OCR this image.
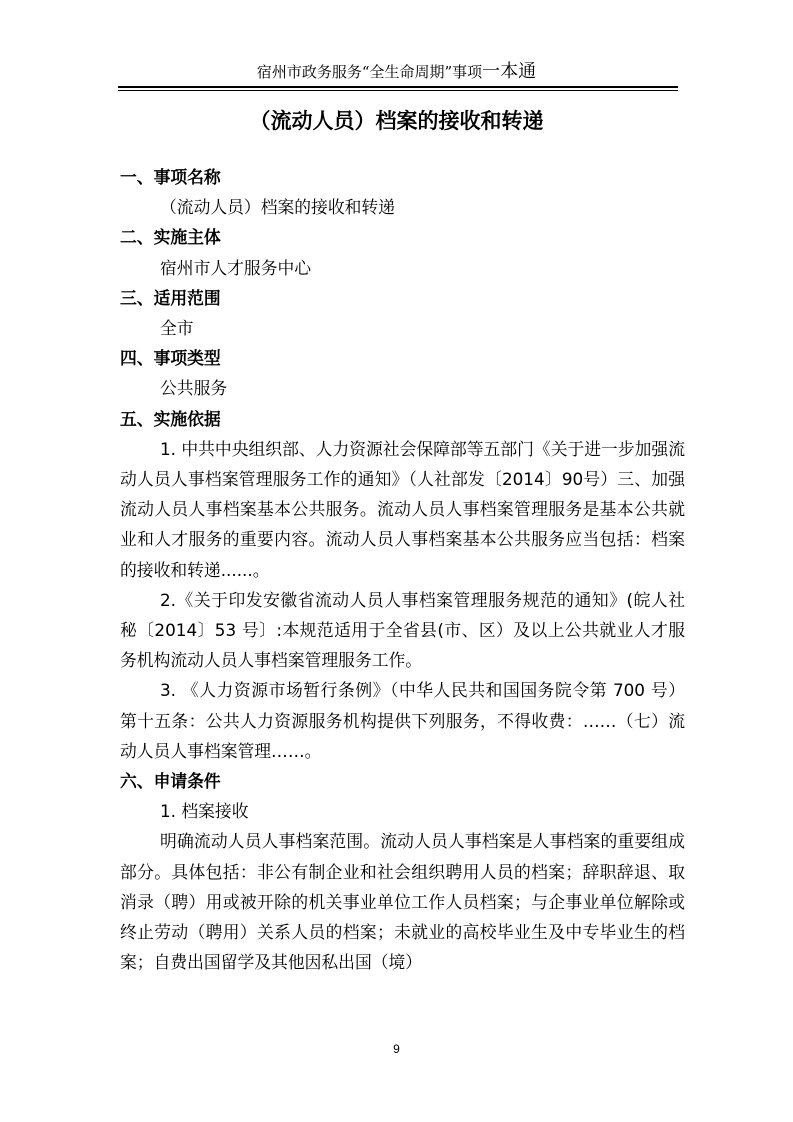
宿州市政务服务“全生命周期”事项一本通
（流动人员）档案的接收和转递

一、事项名称

（流动人员）档案的接收和转递

二、实施主体

宿州市人才服务中心

三、适用范围

全市

四、事项类型

公共服务

五、实施依据

1. 中共中央组织部、人力资源社会保障部等五部门《关于进一步加强流动人员人事档案管理服务工作的通知》（人社部发〔2014〕90号）三、加强流动人员人事档案基本公共服务。流动人员人事档案管理服务是基本公共就业和人才服务的重要内容。流动人员人事档案基本公共服务应当包括：档案的接收和转递......。

2.《关于印发安徽省流动人员人事档案管理服务规范的通知》(皖人社秘〔2014〕53 号〕:本规范适用于全省县(市、区）及以上公共就业人才服务机构流动人员人事档案管理服务工作。

3. 《人力资源市场暂行条例》（中华人民共和国国务院令第 700 号）第十五条：公共人力资源服务机构提供下列服务，不得收费：……（七）流动人员人事档案管理……。

六、申请条件

1. 档案接收

明确流动人员人事档案范围。流动人员人事档案是人事档案的重要组成部分。具体包括：非公有制企业和社会组织聘用人员的档案；辞职辞退、取消录（聘）用或被开除的机关事业单位工作人员档案；与企事业单位解除或终止劳动（聘用）关系人员的档案；未就业的高校毕业生及中专毕业生的档案；自费出国留学及其他因私出国（境）

9
